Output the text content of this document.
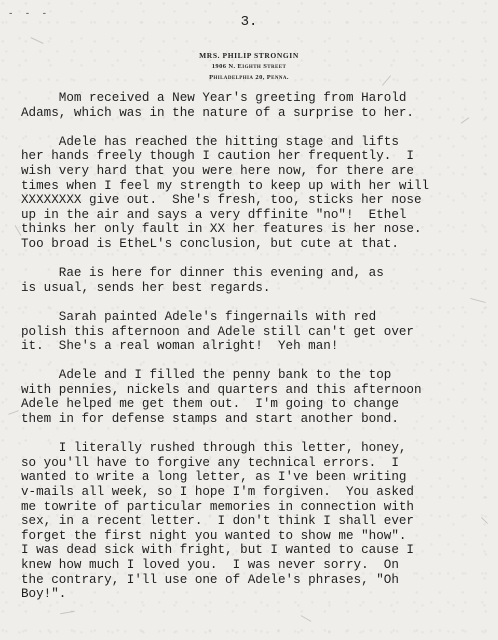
- - -	3.
MRS. PHILIP STRONGIN
1906 N. Eighth Street
Philadelphia 20, Penna.
Mom received a New Year's greeting from Harold
Adams, which was in the nature of a surprise to her.
Adele has reached the hitting stage and lifts
her hands freely though I caution her frequently.  I
wish very hard that you were here now, for there are
times when I feel my strength to keep up with her will
XXXXXXXX give out.  She's fresh, too, sticks her nose
up in the air and says a very dffinite "no"!  Ethel
thinks her only fault in XX her features is her nose.
Too broad is EtheL's conclusion, but cute at that.
Rae is here for dinner this evening and, as
is usual, sends her best regards.
Sarah painted Adele's fingernails with red
polish this afternoon and Adele still can't get over
it.  She's a real woman alright!  Yeh man!
Adele and I filled the penny bank to the top
with pennies, nickels and quarters and this afternoon
Adele helped me get them out.  I'm going to change
them in for defense stamps and start another bond.
I literally rushed through this letter, honey,
so you'll have to forgive any technical errors.  I
wanted to write a long letter, as I've been writing
v-mails all week, so I hope I'm forgiven.  You asked
me towrite of particular memories in connection with
sex, in a recent letter.  I don't think I shall ever
forget the first night you wanted to show me "how".
I was dead sick with fright, but I wanted to cause I
knew how much I loved you.  I was never sorry.  On
the contrary, I'll use one of Adele's phrases, "Oh
Boy!".
